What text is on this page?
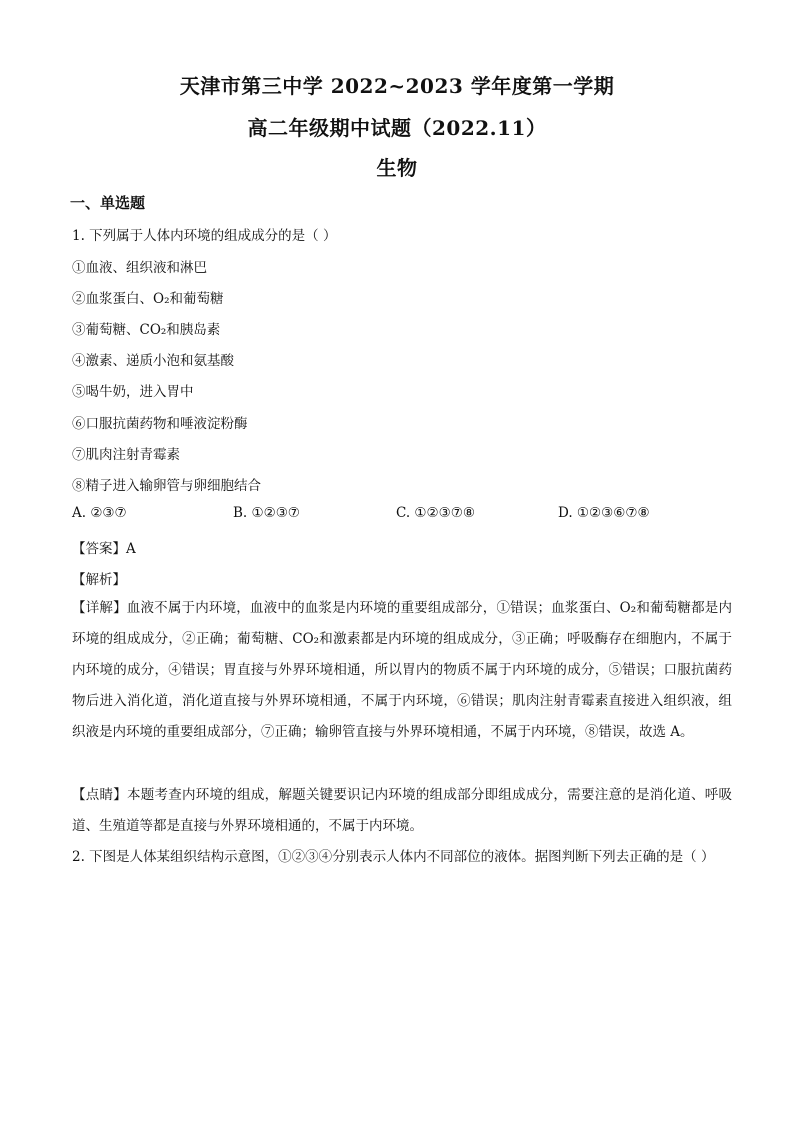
天津市第三中学 2022~2023 学年度第一学期
高二年级期中试题（2022.11）
生物
一、单选题
1. 下列属于人体内环境的组成成分的是（ ）
①血液、组织液和淋巴
②血浆蛋白、O₂和葡萄糖
③葡萄糖、CO₂和胰岛素
④激素、递质小泡和氨基酸
⑤喝牛奶，进入胃中
⑥口服抗菌药物和唾液淀粉酶
⑦肌肉注射青霉素
⑧精子进入输卵管与卵细胞结合
A. ②③⑦	B. ①②③⑦	C. ①②③⑦⑧	D. ①②③⑥⑦⑧
【答案】A
【解析】
【详解】血液不属于内环境，血液中的血浆是内环境的重要组成部分，①错误；血浆蛋白、O₂和葡萄糖都是内环境的组成成分，②正确；葡萄糖、CO₂和激素都是内环境的组成成分，③正确；呼吸酶存在细胞内，不属于内环境的成分，④错误；胃直接与外界环境相通，所以胃内的物质不属于内环境的成分，⑤错误；口服抗菌药物后进入消化道，消化道直接与外界环境相通，不属于内环境，⑥错误；肌肉注射青霉素直接进入组织液，组织液是内环境的重要组成部分，⑦正确；输卵管直接与外界环境相通，不属于内环境，⑧错误，故选 A。
【点睛】本题考查内环境的组成，解题关键要识记内环境的组成部分即组成成分，需要注意的是消化道、呼吸道、生殖道等都是直接与外界环境相通的，不属于内环境。
2. 下图是人体某组织结构示意图，①②③④分别表示人体内不同部位的液体。据图判断下列去正确的是（ ）
